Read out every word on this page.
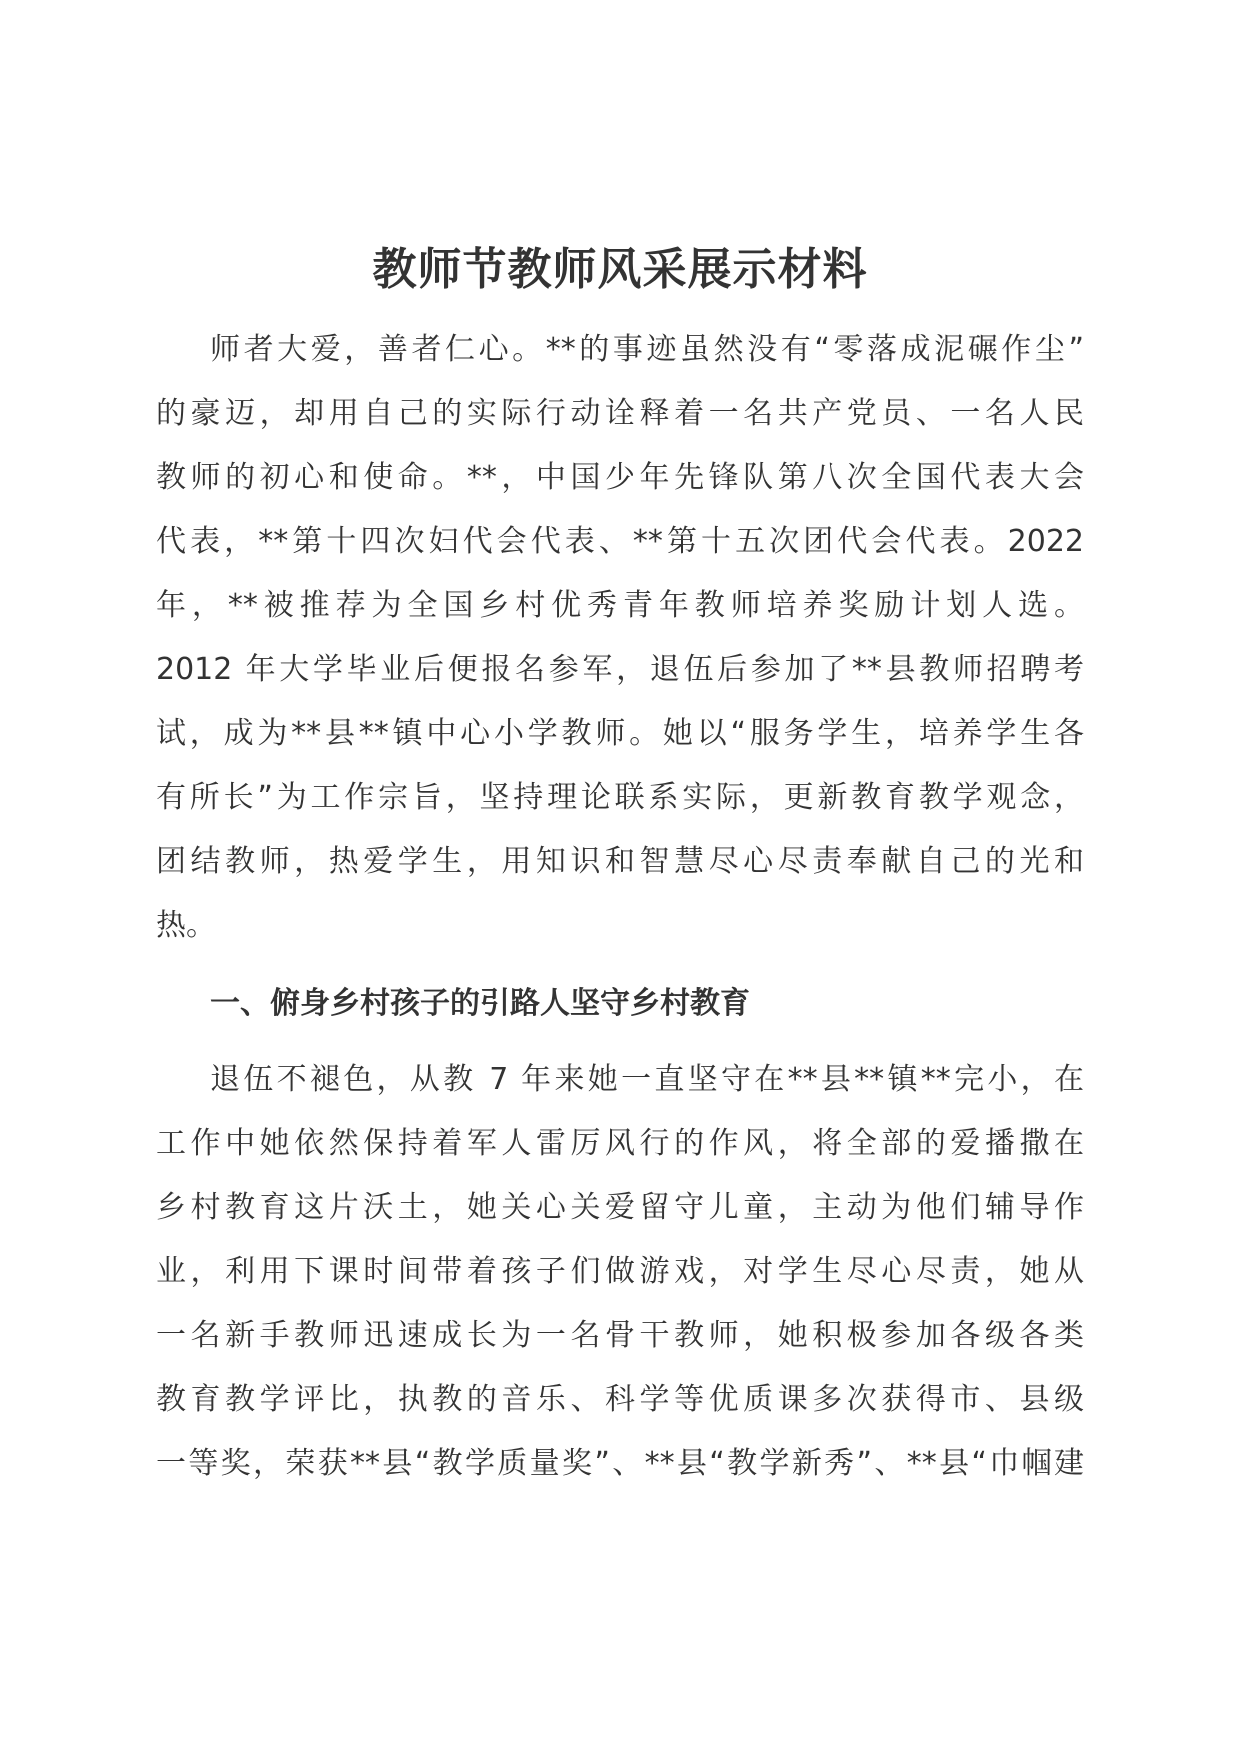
教师节教师风采展示材料
师者大爱，善者仁心。**的事迹虽然没有“零落成泥碾作尘”
的豪迈，却用自己的实际行动诠释着一名共产党员、一名人民
教师的初心和使命。**，中国少年先锋队第八次全国代表大会
代表，**第十四次妇代会代表、**第十五次团代会代表。2022
年，**被推荐为全国乡村优秀青年教师培养奖励计划人选。
2012 年大学毕业后便报名参军，退伍后参加了**县教师招聘考
试，成为**县**镇中心小学教师。她以“服务学生，培养学生各
有所长”为工作宗旨，坚持理论联系实际，更新教育教学观念，
团结教师，热爱学生，用知识和智慧尽心尽责奉献自己的光和
热。
一、俯身乡村孩子的引路人坚守乡村教育
退伍不褪色，从教 7 年来她一直坚守在**县**镇**完小，在
工作中她依然保持着军人雷厉风行的作风，将全部的爱播撒在
乡村教育这片沃土，她关心关爱留守儿童，主动为他们辅导作
业，利用下课时间带着孩子们做游戏，对学生尽心尽责，她从
一名新手教师迅速成长为一名骨干教师，她积极参加各级各类
教育教学评比，执教的音乐、科学等优质课多次获得市、县级
一等奖，荣获**县“教学质量奖”、**县“教学新秀”、**县“巾帼建
